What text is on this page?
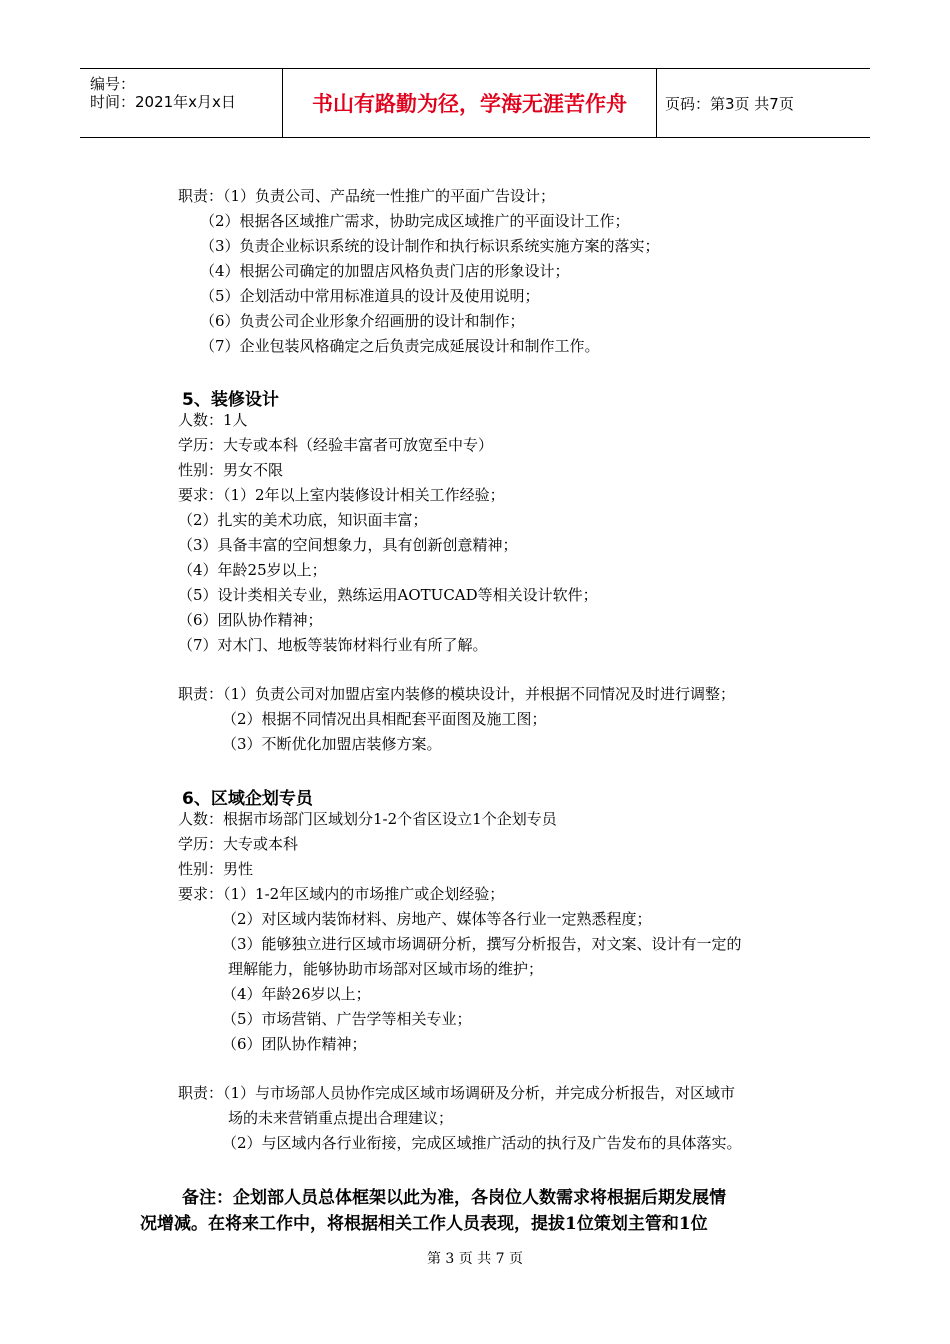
编号：
时间：2021年x月x日	书山有路勤为径，学海无涯苦作舟	页码：第3页 共7页
职责：（1）负责公司、产品统一性推广的平面广告设计；
（2）根据各区域推广需求，协助完成区域推广的平面设计工作；
（3）负责企业标识系统的设计制作和执行标识系统实施方案的落实；
（4）根据公司确定的加盟店风格负责门店的形象设计；
（5）企划活动中常用标准道具的设计及使用说明；
（6）负责公司企业形象介绍画册的设计和制作；
（7）企业包装风格确定之后负责完成延展设计和制作工作。
5、装修设计
人数：1人
学历：大专或本科（经验丰富者可放宽至中专）
性别：男女不限
要求：（1）2年以上室内装修设计相关工作经验；
（2）扎实的美术功底，知识面丰富；
（3）具备丰富的空间想象力，具有创新创意精神；
（4）年龄25岁以上；
（5）设计类相关专业，熟练运用AOTUCAD等相关设计软件；
（6）团队协作精神；
（7）对木门、地板等装饰材料行业有所了解。
职责：（1）负责公司对加盟店室内装修的模块设计，并根据不同情况及时进行调整；
（2）根据不同情况出具相配套平面图及施工图；
（3）不断优化加盟店装修方案。
6、区域企划专员
人数：根据市场部门区域划分1-2个省区设立1个企划专员
学历：大专或本科
性别：男性
要求：（1）1-2年区域内的市场推广或企划经验；
（2）对区域内装饰材料、房地产、媒体等各行业一定熟悉程度；
（3）能够独立进行区域市场调研分析，撰写分析报告，对文案、设计有一定的
理解能力，能够协助市场部对区域市场的维护；
（4）年龄26岁以上；
（5）市场营销、广告学等相关专业；
（6）团队协作精神；
职责：（1）与市场部人员协作完成区域市场调研及分析，并完成分析报告，对区域市
场的未来营销重点提出合理建议；
（2）与区域内各行业衔接，完成区域推广活动的执行及广告发布的具体落实。
备注：企划部人员总体框架以此为准，各岗位人数需求将根据后期发展情
况增减。在将来工作中，将根据相关工作人员表现，提拔1位策划主管和1位
第 3 页 共 7 页
